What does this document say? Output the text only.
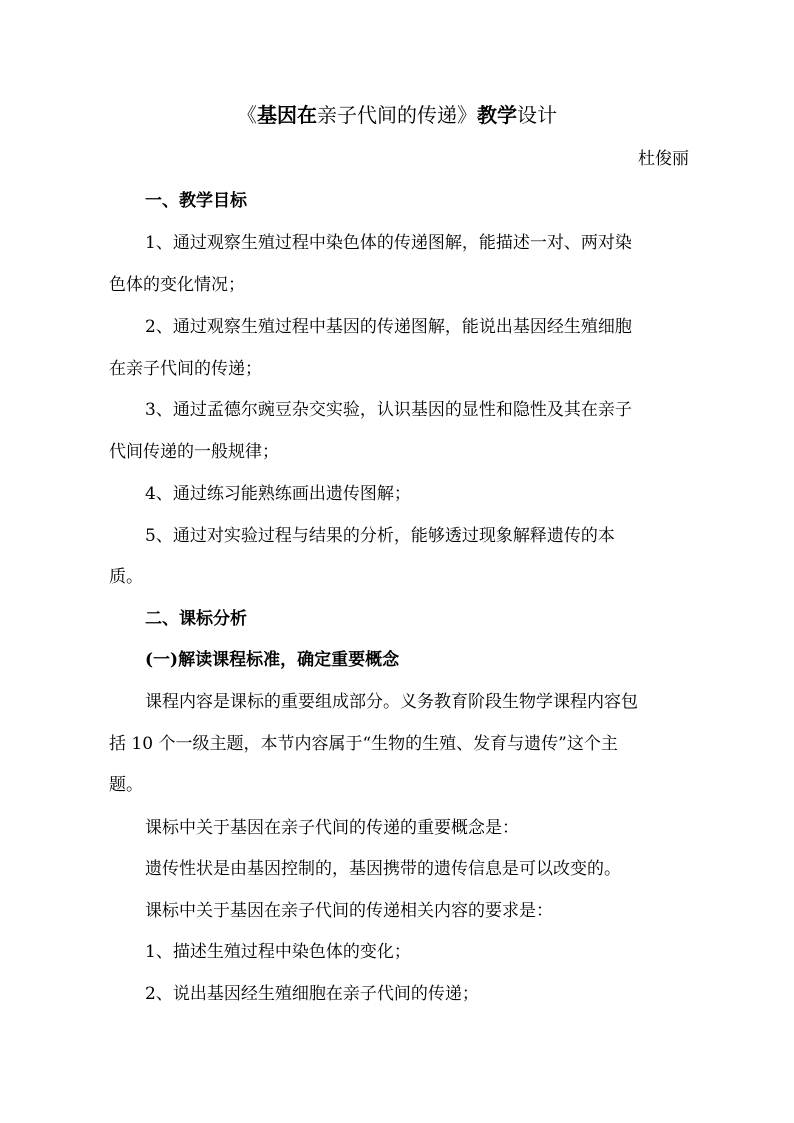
《基因在亲子代间的传递》教学设计
杜俊丽
一、教学目标
1、通过观察生殖过程中染色体的传递图解，能描述一对、两对染
色体的变化情况；
2、通过观察生殖过程中基因的传递图解，能说出基因经生殖细胞
在亲子代间的传递；
3、通过孟德尔豌豆杂交实验，认识基因的显性和隐性及其在亲子
代间传递的一般规律；
4、通过练习能熟练画出遗传图解；
5、通过对实验过程与结果的分析，能够透过现象解释遗传的本
质。
二、课标分析
(一)解读课程标准，确定重要概念
课程内容是课标的重要组成部分。义务教育阶段生物学课程内容包
括 10 个一级主题，本节内容属于“生物的生殖、发育与遗传”这个主
题。
课标中关于基因在亲子代间的传递的重要概念是：
遗传性状是由基因控制的，基因携带的遗传信息是可以改变的。
课标中关于基因在亲子代间的传递相关内容的要求是：
1、描述生殖过程中染色体的变化；
2、说出基因经生殖细胞在亲子代间的传递；
